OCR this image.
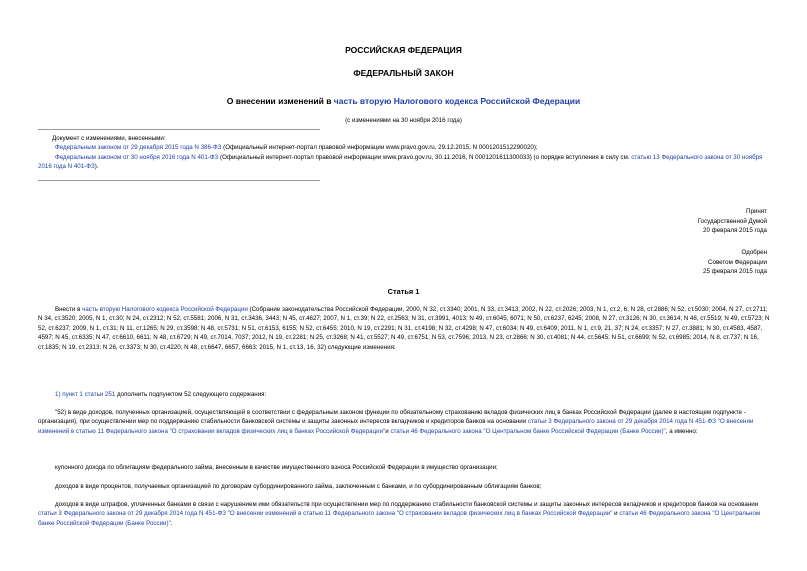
РОССИЙСКАЯ ФЕДЕРАЦИЯ
ФЕДЕРАЛЬНЫЙ ЗАКОН
О внесении изменений в часть вторую Налогового кодекса Российской Федерации
(с изменениями на 30 ноября 2016 года)

Документ с изменениями, внесенными:

Федеральным законом от 29 декабря 2015 года N 386-ФЗ (Официальный интернет-портал правовой информации www.pravo.gov.ru, 29.12.2015, N 0001201512290020);

Федеральным законом от 30 ноября 2016 года N 401-ФЗ (Официальный интернет-портал правовой информации www.pravo.gov.ru, 30.11.2016, N 0001201611300033) (о порядке вступления в силу см. статью 13 Федерального закона от 30 ноября 2016 года N 401-ФЗ).
Принят
Государственной Думой
20 февраля 2015 года
Одобрен
Советом Федерации
25 февраля 2015 года
Статья 1
Внести в часть вторую Налогового кодекса Российской Федерации (Собрание законодательства Российской Федерации, 2000, N 32, ст.3340; 2001, N 33, ст.3413; 2002, N 22, ст.2026; 2003, N 1, ст.2, 6; N 28, ст.2886; N 52, ст.5030; 2004, N 27, ст.2711; N 34, ст.3520; 2005, N 1, ст.30; N 24, ст.2312; N 52, ст.5581; 2006, N 31, ст.3436, 3443; N 45, ст.4627; 2007, N 1, ст.39; N 22, ст.2563; N 31, ст.3991, 4013; N 49, ст.6045, 6071; N 50, ст.6237, 6245; 2008, N 27, ст.3126; N 30, ст.3614; N 48, ст.5519; N 49, ст.5723; N 52, ст.6237; 2009, N 1, ст.31; N 11, ст.1265; N 29, ст.3598; N 48, ст.5731; N 51, ст.6153, 6155; N 52, ст.6455; 2010, N 19, ст.2291; N 31, ст.4198; N 32, ст.4298; N 47, ст.6034; N 49, ст.6409; 2011, N 1, ст.9, 21, 37; N 24, ст.3357; N 27, ст.3881; N 30, ст.4583, 4587, 4597; N 45, ст.6335; N 47, ст.6610, 6611; N 48, ст.6729; N 49, ст.7014, 7037; 2012, N 19, ст.2281; N 25, ст.3268; N 41, ст.5527; N 49, ст.6751; N 53, ст.7596; 2013, N 23, ст.2866; N 30, ст.4081; N 44, ст.5645; N 51, ст.6699; N 52, ст.6985; 2014, N 8, ст.737; N 16, ст.1835; N 19, ст.2313; N 26, ст.3373; N 30, ст.4220; N 48, ст.6647, 6657, 6663; 2015, N 1, ст.13, 16, 32) следующие изменения:
1) пункт 1 статьи 251 дополнить подпунктом 52 следующего содержания:
"52) в виде доходов, полученных организацией, осуществляющей в соответствии с федеральным законом функции по обязательному страхованию вкладов физических лиц в банках Российской Федерации (далее в настоящем подпункте - организация), при осуществлении мер по поддержанию стабильности банковской системы и защиты законных интересов вкладчиков и кредиторов банков на основании статьи 3 Федерального закона от 29 декабря 2014 года N 451-ФЗ "О внесении изменений в статью 11 Федерального закона "О страховании вкладов физических лиц в банках Российской Федерации"и статьи 46 Федерального закона "О Центральном банке Российской Федерации (Банке России)", а именно:
купонного дохода по облигациям федерального займа, внесенным в качестве имущественного взноса Российской Федерации в имущество организации;
доходов в виде процентов, получаемых организацией по договорам субординированного займа, заключенным с банками, и по субординированным облигациям банков;
доходов в виде штрафов, уплаченных банками в связи с нарушением ими обязательств при осуществлении мер по поддержанию стабильности банковской системы и защиты законных интересов вкладчиков и кредиторов банков на основании статьи 3 Федерального закона от 29 декабря 2014 года N 451-ФЗ "О внесении изменений в статью 11 Федерального закона "О страховании вкладов физических лиц в банках Российской Федерации" и статьи 46 Федерального закона "О Центральном банке Российской Федерации (Банке России)".
